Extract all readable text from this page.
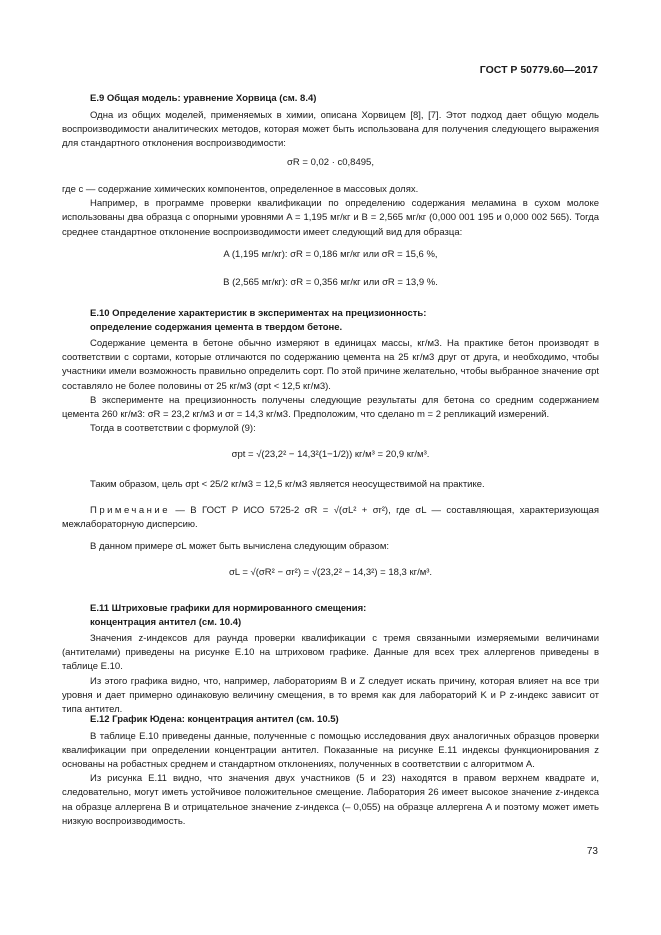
ГОСТ Р 50779.60—2017
Е.9 Общая модель: уравнение Хорвица (см. 8.4)

Одна из общих моделей, применяемых в химии, описана Хорвицем [8], [7]. Этот подход дает общую модель воспроизводимости аналитических методов, которая может быть использована для получения следующего выражения для стандартного отклонения воспроизводимости:

σR = 0,02 · c0,8495,

где с — содержание химических компонентов, определенное в массовых долях.

Например, в программе проверки квалификации по определению содержания меламина в сухом молоке использованы два образца с опорными уровнями A = 1,195 мг/кг и B = 2,565 мг/кг (0,000 001 195 и 0,000 002 565). Тогда среднее стандартное отклонение воспроизводимости имеет следующий вид для образца:

A (1,195 мг/кг): σR = 0,186 мг/кг или σR = 15,6 %,
B (2,565 мг/кг): σR = 0,356 мг/кг или σR = 13,9 %.
Е.10 Определение характеристик в экспериментах на прецизионность:
определение содержания цемента в твердом бетоне.

Содержание цемента в бетоне обычно измеряют в единицах массы, кг/м3. На практике бетон производят в соответствии с сортами, которые отличаются по содержанию цемента на 25 кг/м3 друг от друга, и необходимо, чтобы участники имели возможность правильно определить сорт. По этой причине желательно, чтобы выбранное значение σpt составляло не более половины от 25 кг/м3 (σpt < 12,5 кг/м3).

В эксперименте на прецизионность получены следующие результаты для бетона со средним содержанием цемента 260 кг/м3: σR = 23,2 кг/м3 и σr = 14,3 кг/м3. Предположим, что сделано m = 2 репликаций измерений.

Тогда в соответствии с формулой (9):

σpt = √(23,2² − 14,3²(1−1/2)) кг/м³ = 20,9 кг/м³.

Таким образом, цель σpt < 25/2 кг/м3 = 12,5 кг/м3 является неосуществимой на практике.

Примечание — В ГОСТ Р ИСО 5725-2 σR = √(σL² + σr²), где σL — составляющая, характеризующая межлабораторную дисперсию.

В данном примере σL может быть вычислена следующим образом:

σL = √(σR² − σr²) = √(23,2² − 14,3²) = 18,3 кг/м³.
Е.11 Штриховые графики для нормированного смещения:
концентрация антител (см. 10.4)

Значения z-индексов для раунда проверки квалификации с тремя связанными измеряемыми величинами (антителами) приведены на рисунке Е.10 на штриховом графике. Данные для всех трех аллергенов приведены в таблице Е.10.

Из этого графика видно, что, например, лабораториям B и Z следует искать причину, которая влияет на все три уровня и дает примерно одинаковую величину смещения, в то время как для лабораторий K и P z-индекс зависит от типа антител.

Е.12 График Юдена: концентрация антител (см. 10.5)

В таблице Е.10 приведены данные, полученные с помощью исследования двух аналогичных образцов проверки квалификации при определении концентрации антител. Показанные на рисунке Е.11 индексы функционирования z основаны на робастных среднем и стандартном отклонениях, полученных в соответствии с алгоритмом A.

Из рисунка Е.11 видно, что значения двух участников (5 и 23) находятся в правом верхнем квадрате и, следовательно, могут иметь устойчивое положительное смещение. Лаборатория 26 имеет высокое значение z-индекса на образце аллергена B и отрицательное значение z-индекса (– 0,055) на образце аллергена A и поэтому может иметь низкую воспроизводимость.

73
